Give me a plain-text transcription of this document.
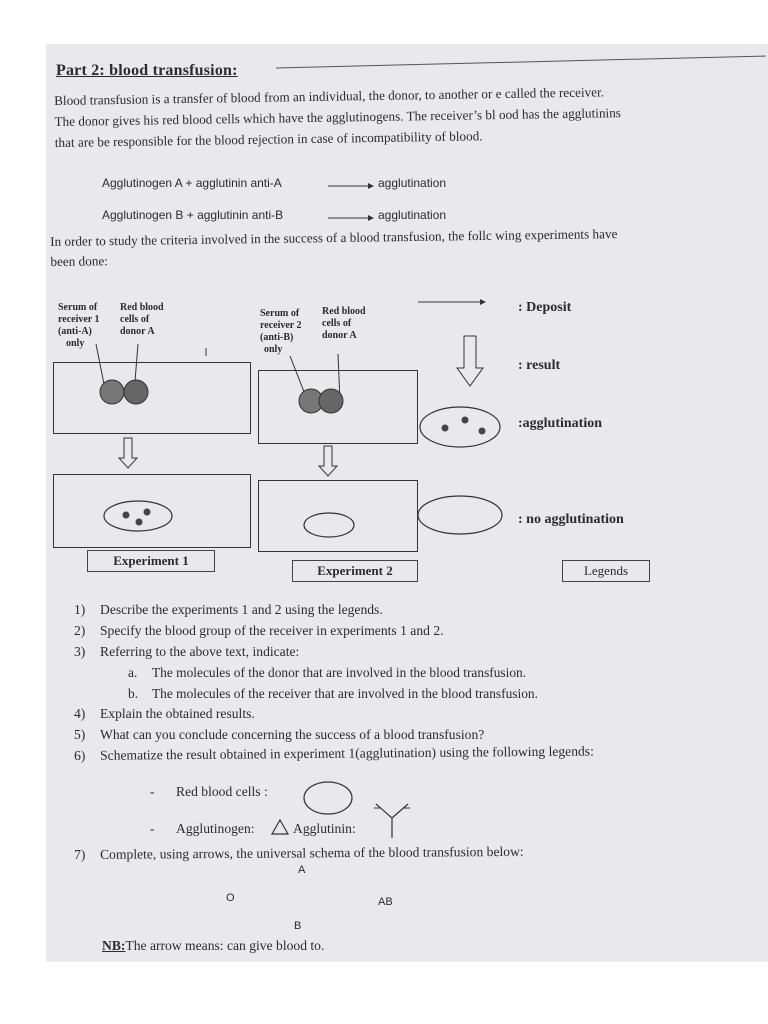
Part 2: blood transfusion:
Blood transfusion is a transfer of blood from an individual, the donor, to another or e called the receiver.
The donor gives his red blood cells which have the agglutinogens. The receiver’s bl ood has the agglutinins
that are be responsible for the blood rejection in case of incompatibility of blood.
Agglutinogen A + agglutinin anti-A	→ agglutination
Agglutinogen B + agglutinin anti-B	→ agglutination
In order to study the criteria involved in the success of a blood transfusion, the follc wing experiments have
been done:
Serum of
receiver 1
(anti-A)
only
Red blood
cells of
donor A
Experiment 1
Serum of
receiver 2
(anti-B)
only
Red blood
cells of
donor A
Experiment 2
: Deposit
: result
:agglutination
: no agglutination
Legends
1) Describe the experiments 1 and 2 using the legends.
2) Specify the blood group of the receiver in experiments 1 and 2.
3) Referring to the above text, indicate:
a. The molecules of the donor that are involved in the blood transfusion.
b. The molecules of the receiver that are involved in the blood transfusion.
4) Explain the obtained results.
5) What can you conclude concerning the success of a blood transfusion?
6) Schematize the result obtained in experiment 1(agglutination) using the following legends:
- Red blood cells :
- Agglutinogen:	Agglutinin:
7) Complete, using arrows, the universal schema of the blood transfusion below:
A
O	AB
B
NB:The arrow means: can give blood to.
